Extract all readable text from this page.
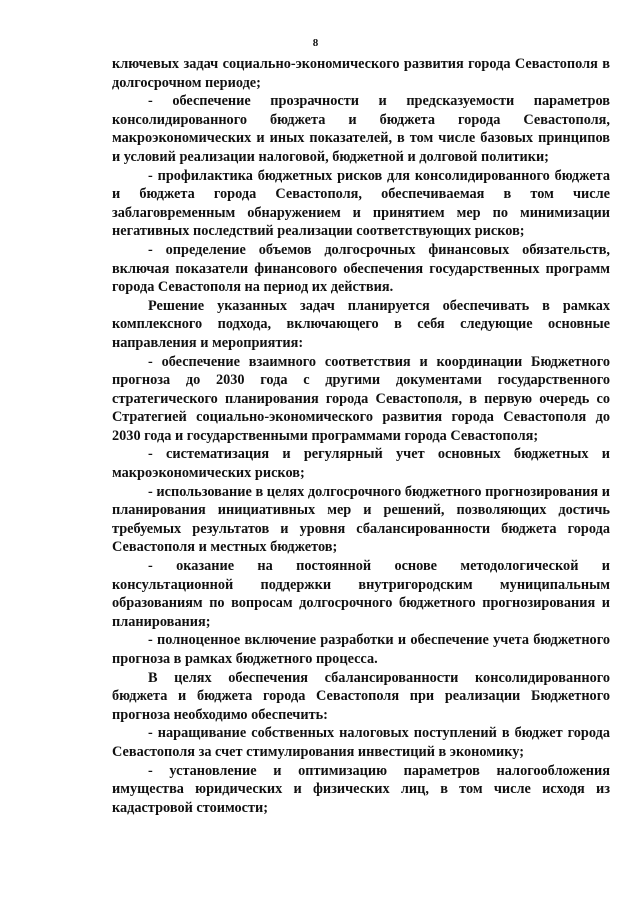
8

ключевых задач социально-экономического развития города Севастополя в долгосрочном периоде;

- обеспечение прозрачности и предсказуемости параметров консолидированного бюджета и бюджета города Севастополя, макроэкономических и иных показателей, в том числе базовых принципов и условий реализации налоговой, бюджетной и долговой политики;

- профилактика бюджетных рисков для консолидированного бюджета и бюджета города Севастополя, обеспечиваемая в том числе заблаговременным обнаружением и принятием мер по минимизации негативных последствий реализации соответствующих рисков;

- определение объемов долгосрочных финансовых обязательств, включая показатели финансового обеспечения государственных программ города Севастополя на период их действия.

Решение указанных задач планируется обеспечивать в рамках комплексного подхода, включающего в себя следующие основные направления и мероприятия:

- обеспечение взаимного соответствия и координации Бюджетного прогноза до 2030 года с другими документами государственного стратегического планирования города Севастополя, в первую очередь со Стратегией социально-экономического развития города Севастополя до 2030 года и государственными программами города Севастополя;

- систематизация и регулярный учет основных бюджетных и макроэкономических рисков;

- использование в целях долгосрочного бюджетного прогнозирования и планирования инициативных мер и решений, позволяющих достичь требуемых результатов и уровня сбалансированности бюджета города Севастополя и местных бюджетов;

- оказание на постоянной основе методологической и консультационной поддержки внутригородским муниципальным образованиям по вопросам долгосрочного бюджетного прогнозирования и планирования;

- полноценное включение разработки и обеспечение учета бюджетного прогноза в рамках бюджетного процесса.

В целях обеспечения сбалансированности консолидированного бюджета и бюджета города Севастополя при реализации Бюджетного прогноза необходимо обеспечить:

- наращивание собственных налоговых поступлений в бюджет города Севастополя за счет стимулирования инвестиций в экономику;

- установление и оптимизацию параметров налогообложения имущества юридических и физических лиц, в том числе исходя из кадастровой стоимости;
